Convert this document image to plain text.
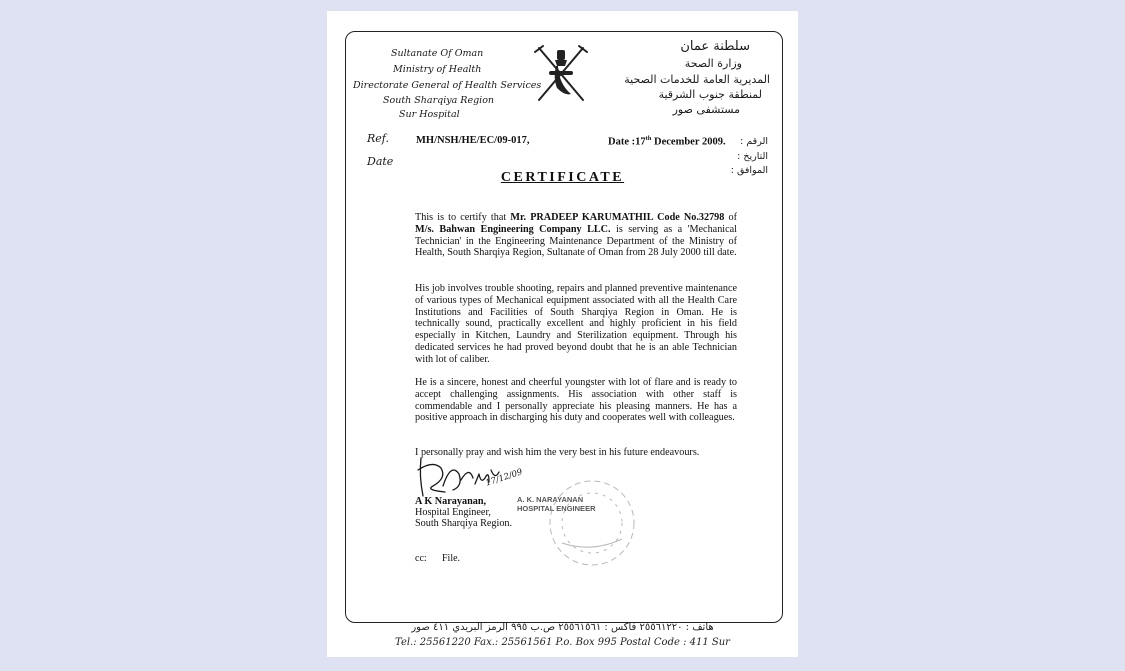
Sultanate Of Oman
Ministry of Health
Directorate General of Health Services
South Sharqiya Region
Sur Hospital
سلطنة عمان
وزارة الصحة
المديرية العامة للخدمات الصحية
لمنطقة جنوب الشرقية
مستشفى صور
Ref.
Date
MH/NSH/HE/EC/09-017,	Date :17th December 2009. الرقم :
التاريخ :
الموافق :
CERTIFICATE
This is to certify that Mr. PRADEEP KARUMATHIL Code No.32798 of M/s. Bahwan Engineering Company LLC. is serving as a 'Mechanical Technician' in the Engineering Maintenance Department of the Ministry of Health, South Sharqiya Region, Sultanate of Oman from 28 July 2000 till date.
His job involves trouble shooting, repairs and planned preventive maintenance of various types of Mechanical equipment associated with all the Health Care Institutions and Facilities of South Sharqiya Region in Oman. He is technically sound, practically excellent and highly proficient in his field especially in Kitchen, Laundry and Sterilization equipment. Through his dedicated services he had proved beyond doubt that he is an able Technician with lot of caliber.
He is a sincere, honest and cheerful youngster with lot of flare and is ready to accept challenging assignments. His association with other staff is commendable and I personally appreciate his pleasing manners. He has a positive approach in discharging his duty and cooperates well with colleagues.
I personally pray and wish him the very best in his future endeavours.
17/12/09
A K Narayanan,
Hospital Engineer,
South Sharqiya Region.
A. K. NARAYANAN
HOSPITAL ENGINEER
cc: File.
هاتف : ٢٥٥٦١٢٢٠ فاكس : ٢٥٥٦١٥٦١ ص.ب ٩٩٥ الرمز البريدي ٤١١ صور
Tel.: 25561220 Fax.: 25561561 P.o. Box 995 Postal Code : 411 Sur
